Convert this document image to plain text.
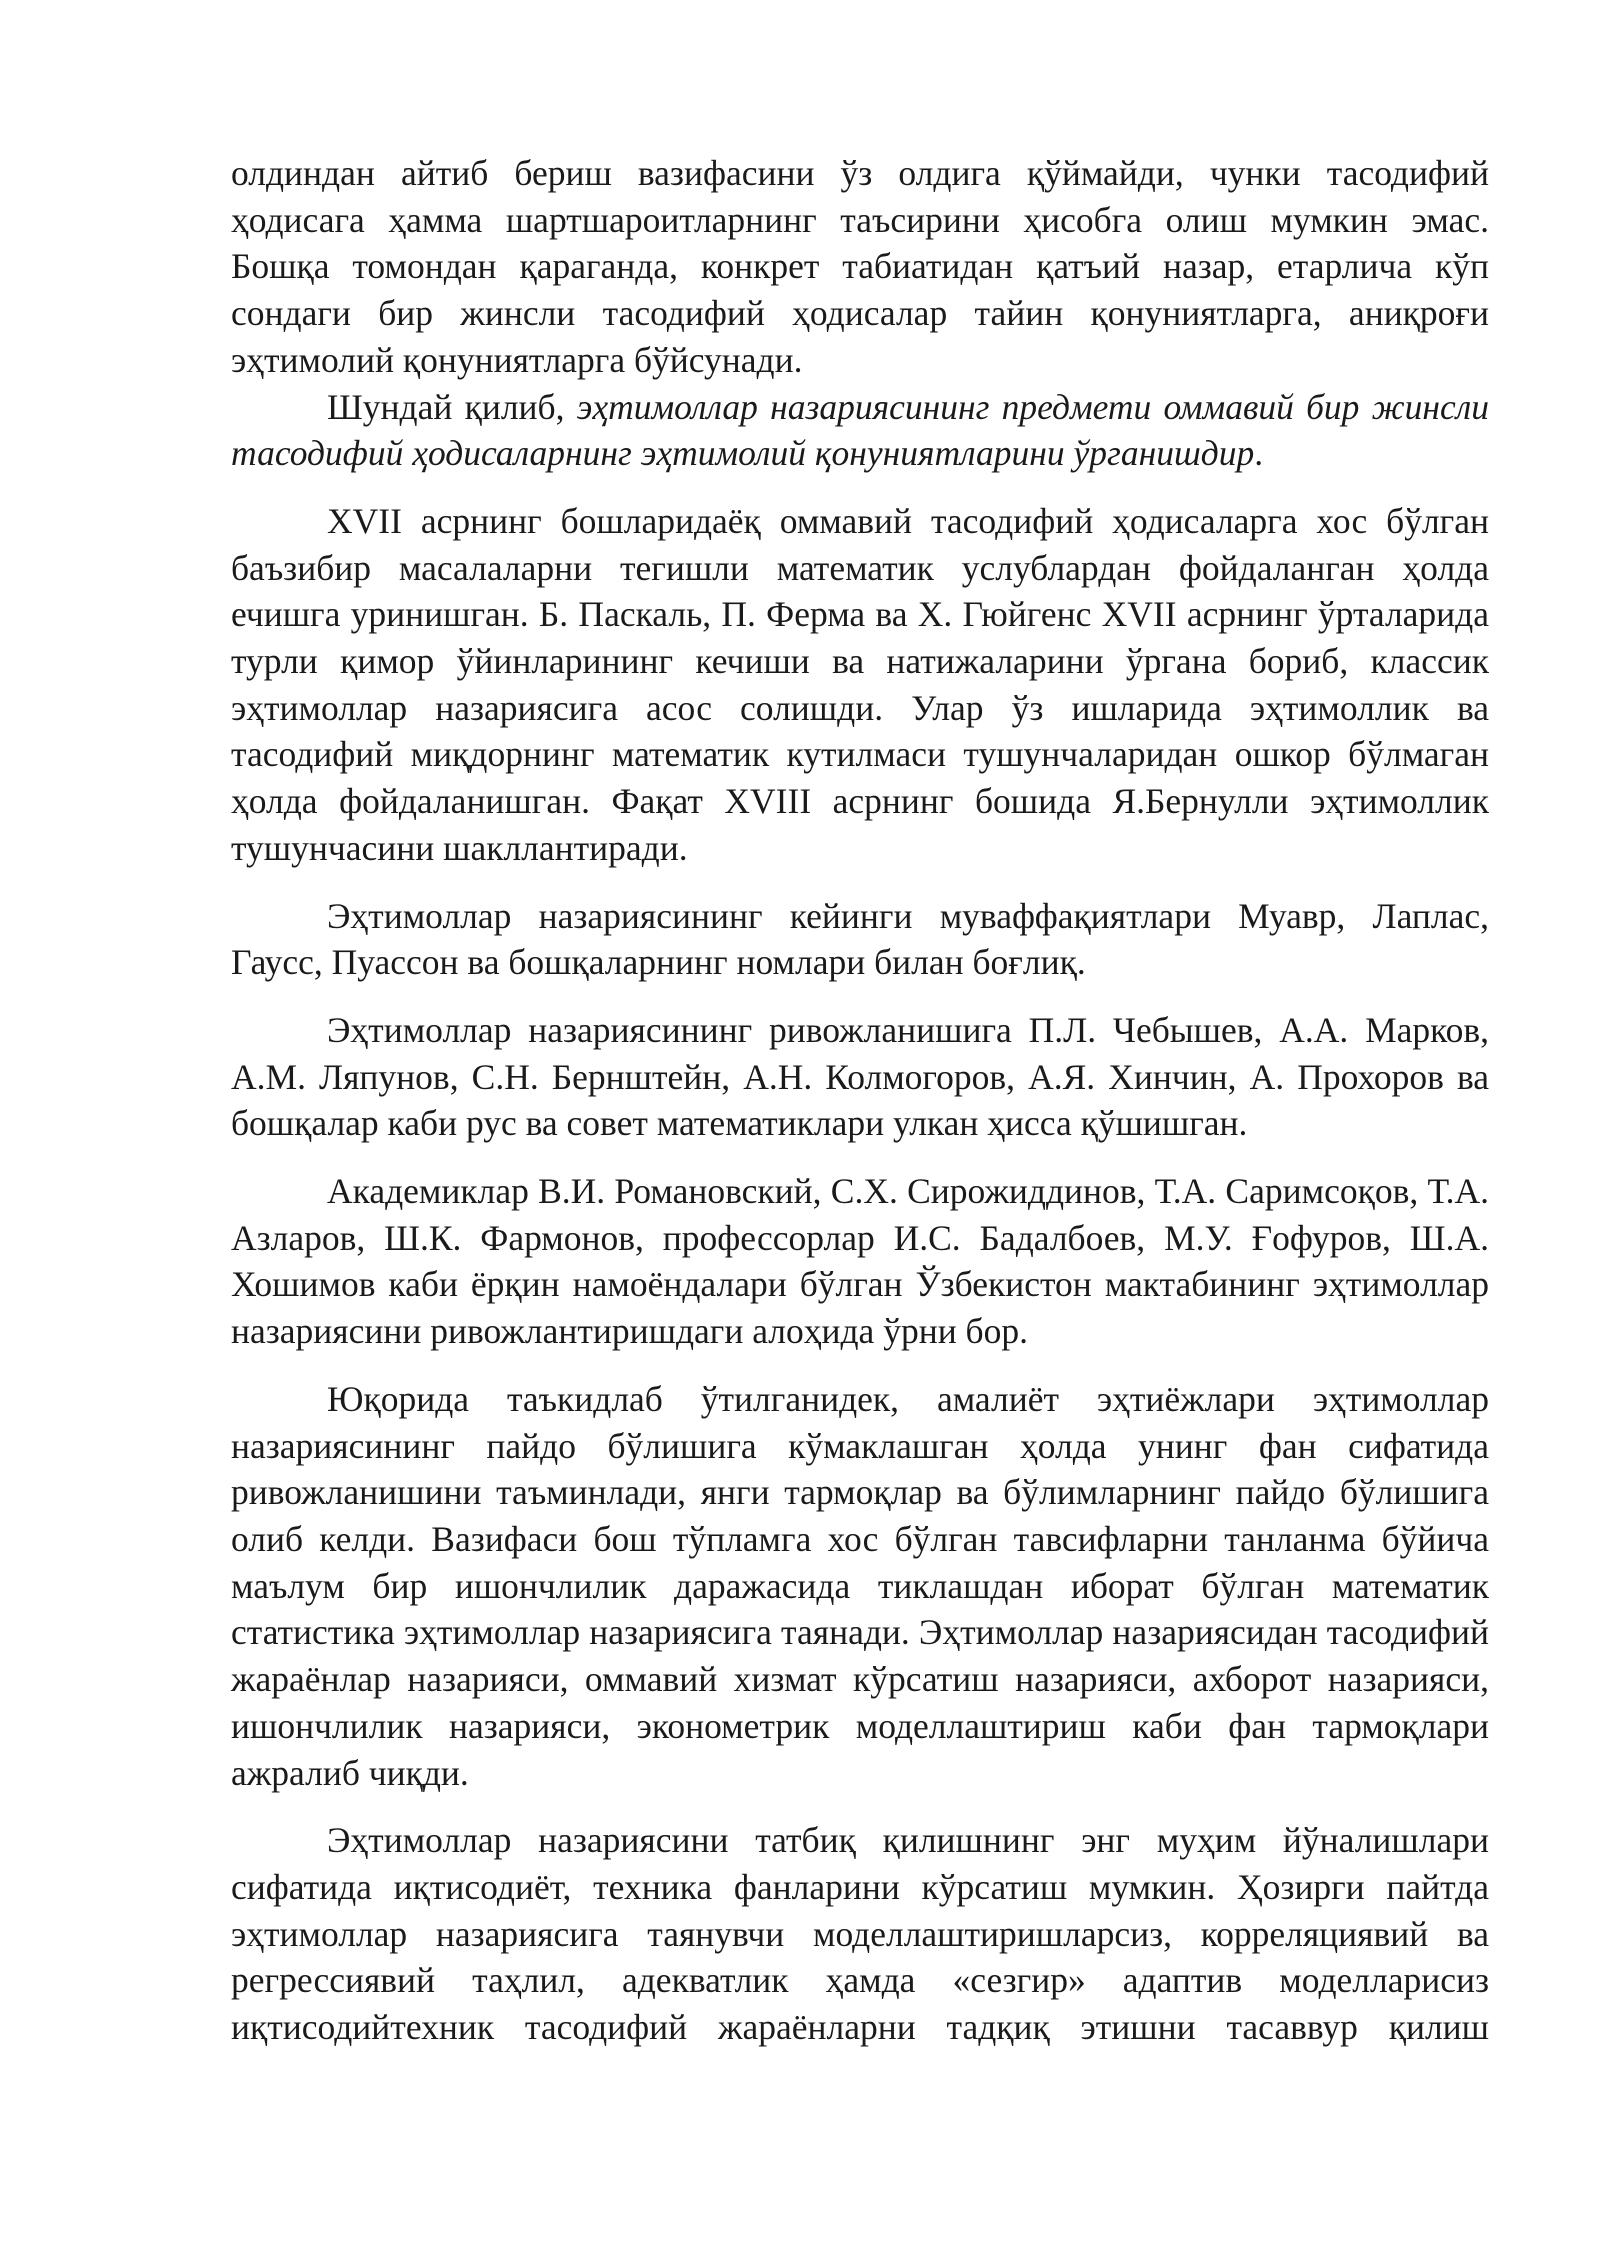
олдиндан айтиб бериш вазифасини ўз олдига қўймайди, чунки тасодифий ҳодисага ҳамма шартшароитларнинг таъсирини ҳисобга олиш мумкин эмас. Бошқа томондан қараганда, конкрет табиатидан қатъий назар, етарлича кўп сондаги бир жинсли тасодифий ҳодисалар тайин қонуниятларга, аниқроғи эҳтимолий қонуниятларга бўйсунади.

Шундай қилиб, эҳтимоллар назариясининг предмети оммавий бир жинсли тасодифий ҳодисаларнинг эҳтимолий қонуниятларини ўрганишдир.

XVII асрнинг бошларидаёқ оммавий тасодифий ҳодисаларга хос бўлган баъзибир масалаларни тегишли математик услублардан фойдаланган ҳолда ечишга уринишган. Б. Паскаль, П. Ферма ва Х. Гюйгенс XVII асрнинг ўрталарида турли қимор ўйинларининг кечиши ва натижаларини ўргана бориб, классик эҳтимоллар назариясига асос солишди. Улар ўз ишларида эҳтимоллик ва тасодифий миқдорнинг математик кутилмаси тушунчаларидан ошкор бўлмаган ҳолда фойдаланишган. Фақат XVIII асрнинг бошида Я.Бернулли эҳтимоллик тушунчасини шакллантиради.

Эҳтимоллар назариясининг кейинги муваффақиятлари Муавр, Лаплас, Гаусс, Пуассон ва бошқаларнинг номлари билан боғлиқ.

Эҳтимоллар назариясининг ривожланишига П.Л. Чебышев, А.А. Марков, А.М. Ляпунов, С.Н. Бернштейн, А.Н. Колмогоров, А.Я. Хинчин, А. Прохоров ва бошқалар каби рус ва совет математиклари улкан ҳисса қўшишган.

Академиклар В.И. Романовский, С.Х. Сирожиддинов, Т.А. Саримсоқов, Т.А. Азларов, Ш.К. Фармонов, профессорлар И.С. Бадалбоев, М.У. Ғофуров, Ш.А. Хошимов каби ёрқин намоёндалари бўлган Ўзбекистон мактабининг эҳтимоллар назариясини ривожлантиришдаги алоҳида ўрни бор.

Юқорида таъкидлаб ўтилганидек, амалиёт эҳтиёжлари эҳтимоллар назариясининг пайдо бўлишига кўмаклашган ҳолда унинг фан сифатида ривожланишини таъминлади, янги тармоқлар ва бўлимларнинг пайдо бўлишига олиб келди. Вазифаси бош тўпламга хос бўлган тавсифларни танланма бўйича маълум бир ишончлилик даражасида тиклашдан иборат бўлган математик статистика эҳтимоллар назариясига таянади. Эҳтимоллар назариясидан тасодифий жараёнлар назарияси, оммавий хизмат кўрсатиш назарияси, ахборот назарияси, ишончлилик назарияси, эконометрик моделлаштириш каби фан тармоқлари ажралиб чиқди.

Эҳтимоллар назариясини татбиқ қилишнинг энг муҳим йўналишлари сифатида иқтисодиёт, техника фанларини кўрсатиш мумкин. Ҳозирги пайтда эҳтимоллар назариясига таянувчи моделлаштиришларсиз, корреляциявий ва регрессиявий таҳлил, адекватлик ҳамда «сезгир» адаптив моделларисиз иқтисодийтехник тасодифий жараёнларни тадқиқ этишни тасаввур қилиш
